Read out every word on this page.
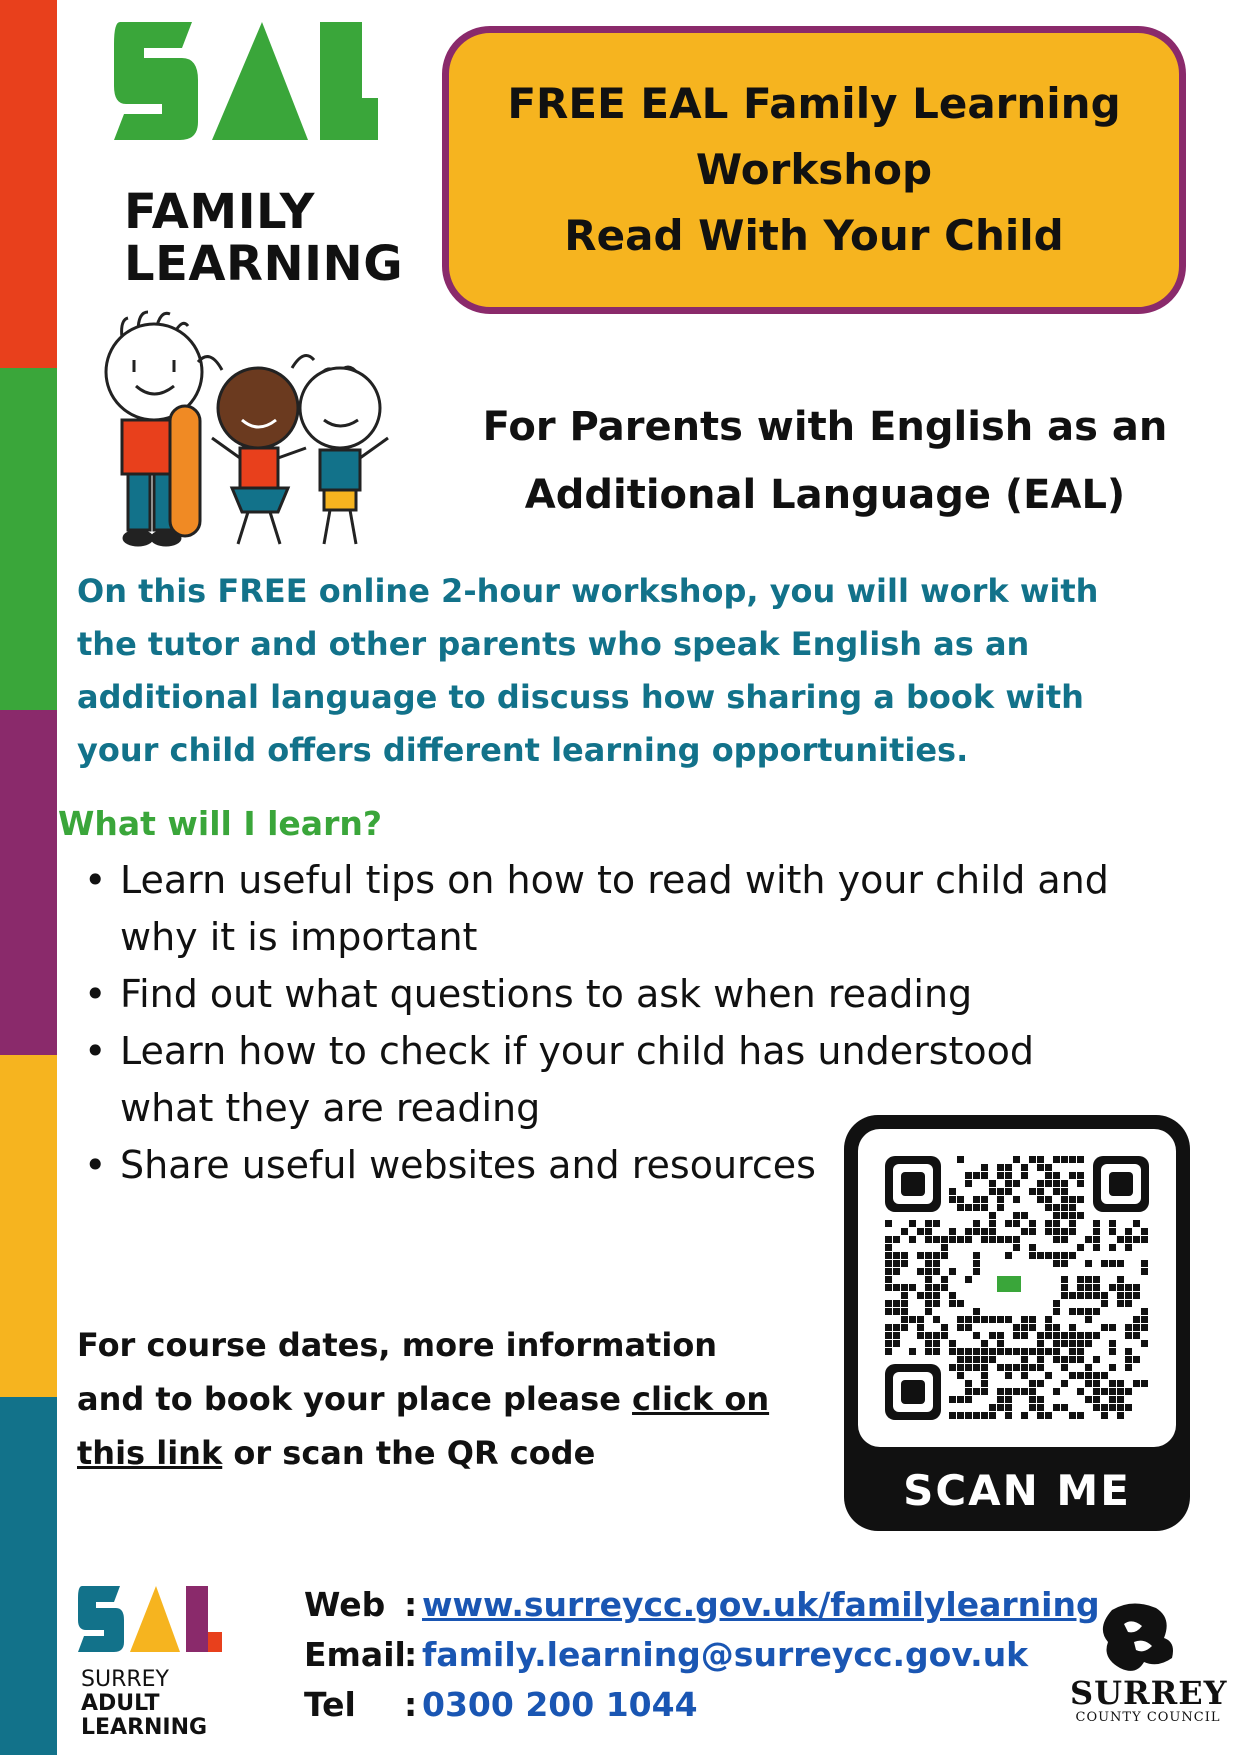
FAMILY
LEARNING
FREE EAL Family Learning
Workshop
Read With Your Child
For Parents with English as an
Additional Language (EAL)
On this FREE online 2-hour workshop, you will work with
the tutor and other parents who speak English as an
additional language to discuss how sharing a book with
your child offers different learning opportunities.
What will I learn?
• Learn useful tips on how to read with your child and
why it is important
• Find out what questions to ask when reading
• Learn how to check if your child has understood
what they are reading
• Share useful websites and resources
For course dates, more information
and to book your place please click on
this link or scan the QR code
SCAN ME
SURREY
ADULT
LEARNING
Web : www.surreycc.gov.uk/familylearning
Email
: family.learning@surreycc.gov.uk
Tel	: 0300 200 1044	SURREY
COUNTY COUNCIL
